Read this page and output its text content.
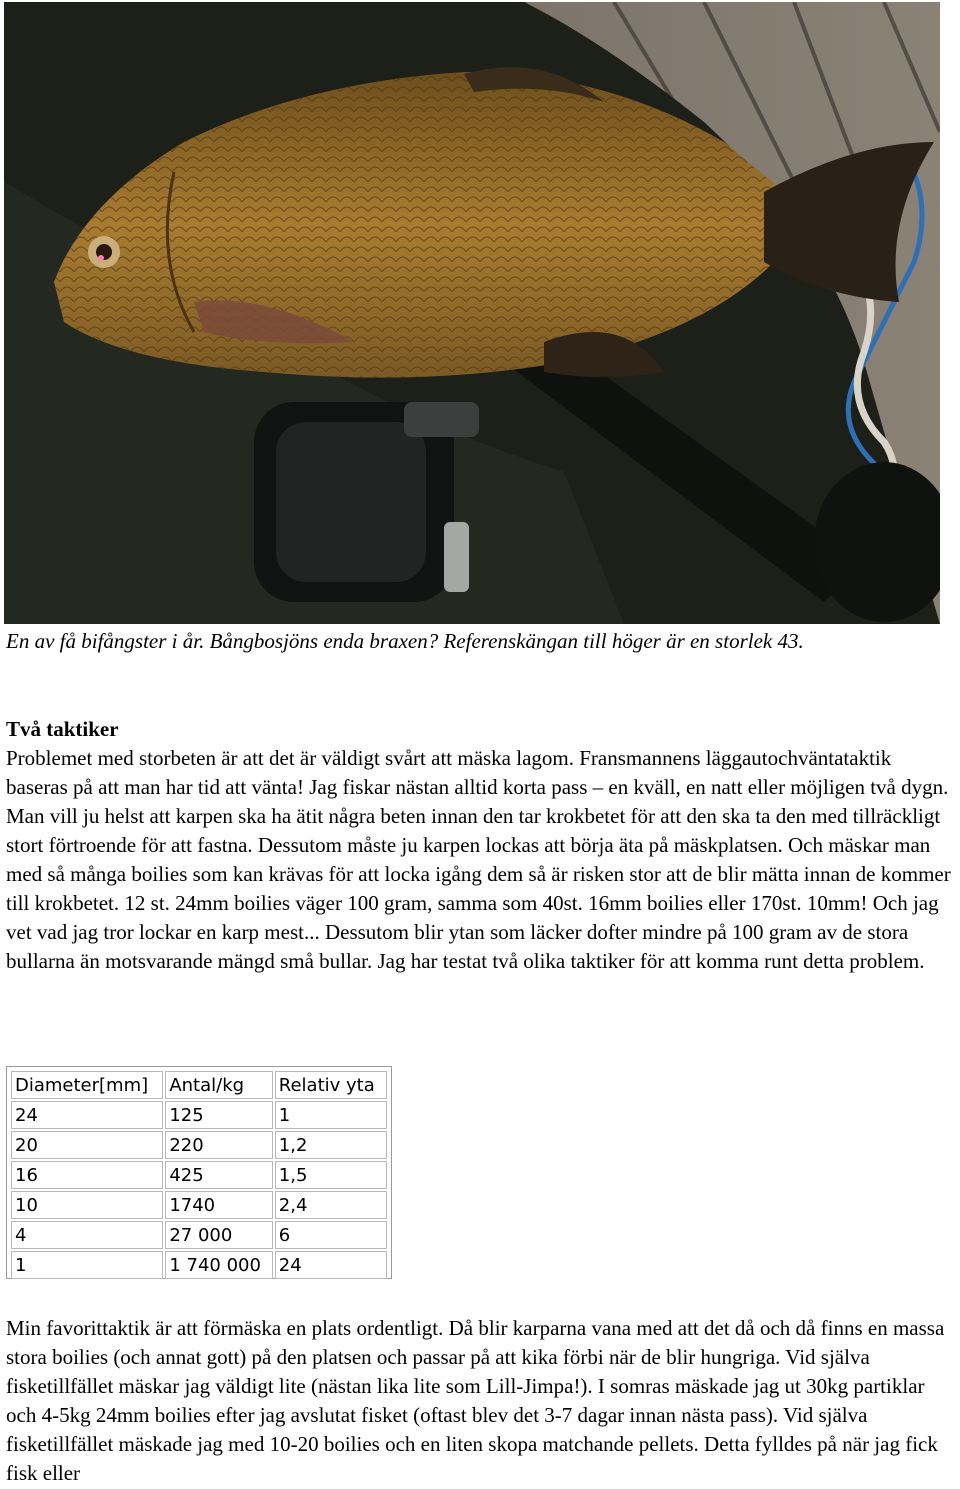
En av få bifångster i år. Bångbosjöns enda braxen? Referenskängan till höger är en storlek 43.
Två taktiker

Problemet med storbeten är att det är väldigt svårt att mäska lagom. Fransmannens läggautochväntataktik baseras på att man har tid att vänta! Jag fiskar nästan alltid korta pass – en kväll, en natt eller möjligen två dygn. Man vill ju helst att karpen ska ha ätit några beten innan den tar krokbetet för att den ska ta den med tillräckligt stort förtroende för att fastna. Dessutom måste ju karpen lockas att börja äta på mäskplatsen. Och mäskar man med så många boilies som kan krävas för att locka igång dem så är risken stor att de blir mätta innan de kommer till krokbetet. 12 st. 24mm boilies väger 100 gram, samma som 40st. 16mm boilies eller 170st. 10mm! Och jag vet vad jag tror lockar en karp mest... Dessutom blir ytan som läcker dofter mindre på 100 gram av de stora bullarna än motsvarande mängd små bullar. Jag har testat två olika taktiker för att komma runt detta problem.

Diameter[mm]	Antal/kg	Relativ yta
24	125	1
20	220	1,2
16	425	1,5
10	1740	2,4
4	27 000	6
1	1 740 000	24

Min favorittaktik är att förmäska en plats ordentligt. Då blir karparna vana med att det då och då finns en massa stora boilies (och annat gott) på den platsen och passar på att kika förbi när de blir hungriga. Vid själva fisketillfället mäskar jag väldigt lite (nästan lika lite som Lill-Jimpa!). I somras mäskade jag ut 30kg partiklar och 4-5kg 24mm boilies efter jag avslutat fisket (oftast blev det 3-7 dagar innan nästa pass). Vid själva fisketillfället mäskade jag med 10-20 boilies och en liten skopa matchande pellets. Detta fylldes på när jag fick fisk eller
